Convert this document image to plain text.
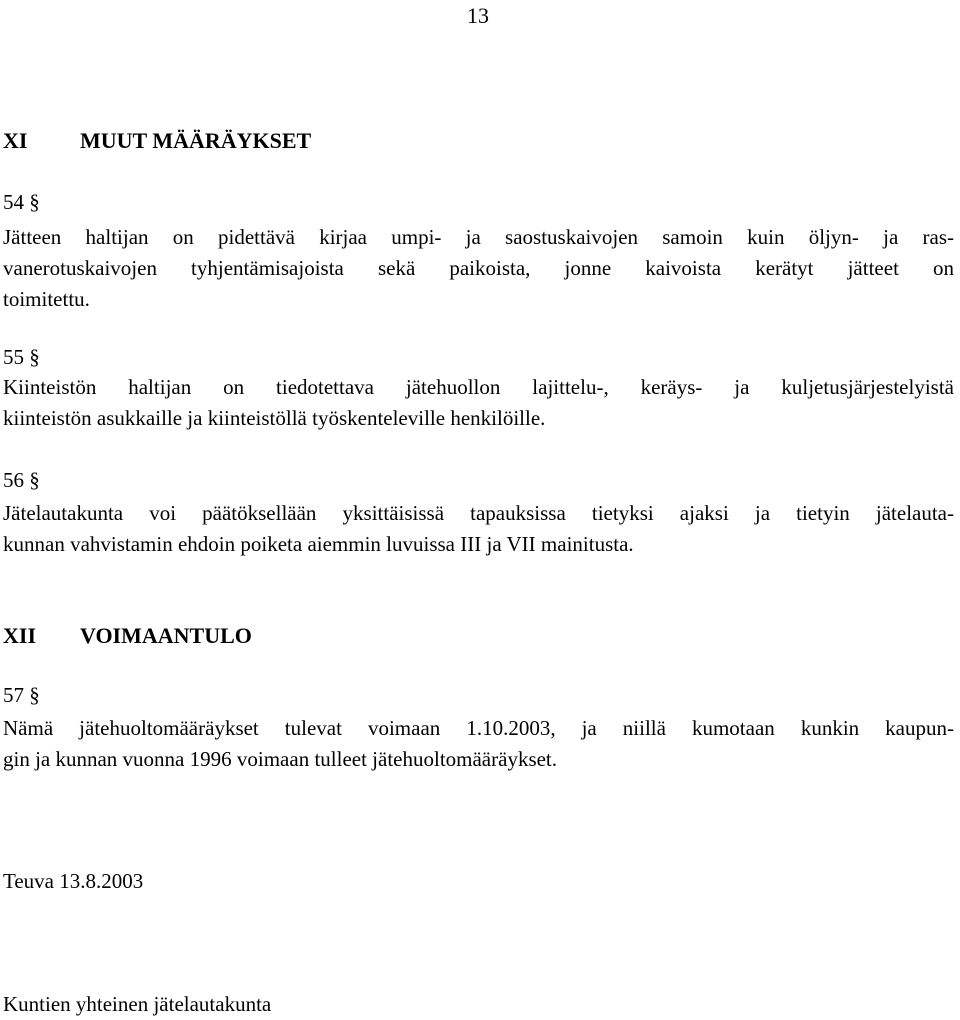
13
XI MUUT MÄÄRÄYKSET
54 §
Jätteen haltijan on pidettävä kirjaa umpi- ja saostuskaivojen samoin kuin öljyn- ja ras-
vanerotuskaivojen tyhjentämisajoista sekä paikoista, jonne kaivoista kerätyt jätteet on
toimitettu.
55 §
Kiinteistön haltijan on tiedotettava jätehuollon lajittelu-, keräys- ja kuljetusjärjestelyistä
kiinteistön asukkaille ja kiinteistöllä työskenteleville henkilöille.
56 §
Jätelautakunta voi päätöksellään yksittäisissä tapauksissa tietyksi ajaksi ja tietyin jätelauta-
kunnan vahvistamin ehdoin poiketa aiemmin luvuissa III ja VII mainitusta.
XII VOIMAANTULO
57 §
Nämä jätehuoltomääräykset tulevat voimaan 1.10.2003, ja niillä kumotaan kunkin kaupun-
gin ja kunnan vuonna 1996 voimaan tulleet jätehuoltomääräykset.
Teuva 13.8.2003
Kuntien yhteinen jätelautakunta
